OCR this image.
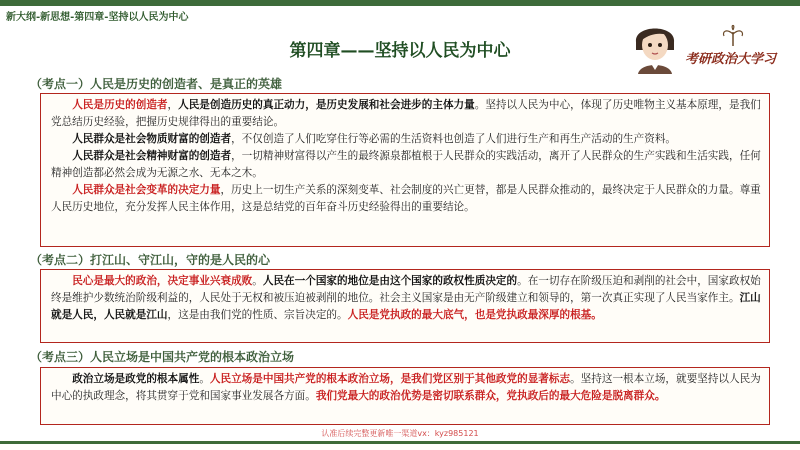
新大纲-新思想-第四章-坚持以人民为中心
第四章——坚持以人民为中心	考研政治大学习
（考点一）人民是历史的创造者、是真正的英雄

人民是历史的创造者，人民是创造历史的真正动力，是历史发展和社会进步的主体力量。坚持以人民为中心，体现了历史唯物主义基本原理，是我们党总结历史经验，把握历史规律得出的重要结论。

人民群众是社会物质财富的创造者，不仅创造了人们吃穿住行等必需的生活资料也创造了人们进行生产和再生产活动的生产资料。

人民群众是社会精神财富的创造者，一切精神财富得以产生的最终源泉都植根于人民群众的实践活动，离开了人民群众的生产实践和生活实践，任何精神创造都必然会成为无源之水、无本之木。

人民群众是社会变革的决定力量，历史上一切生产关系的深刻变革、社会制度的兴亡更替，都是人民群众推动的，最终决定于人民群众的力量。尊重人民历史地位，充分发挥人民主体作用，这是总结党的百年奋斗历史经验得出的重要结论。

（考点二）打江山、守江山，守的是人民的心

民心是最大的政治，决定事业兴衰成败。人民在一个国家的地位是由这个国家的政权性质决定的。在一切存在阶级压迫和剥削的社会中，国家政权始终是维护少数统治阶级利益的，人民处于无权和被压迫被剥削的地位。社会主义国家是由无产阶级建立和领导的，第一次真正实现了人民当家作主。江山就是人民，人民就是江山，这是由我们党的性质、宗旨决定的。人民是党执政的最大底气，也是党执政最深厚的根基。

（考点三）人民立场是中国共产党的根本政治立场

政治立场是政党的根本属性。人民立场是中国共产党的根本政治立场，是我们党区别于其他政党的显著标志。坚持这一根本立场，就要坚持以人民为中心的执政理念，将其贯穿于党和国家事业发展各方面。我们党最大的政治优势是密切联系群众，党执政后的最大危险是脱离群众。

认准后续完整更新唯一渠道vx：kyz985121
